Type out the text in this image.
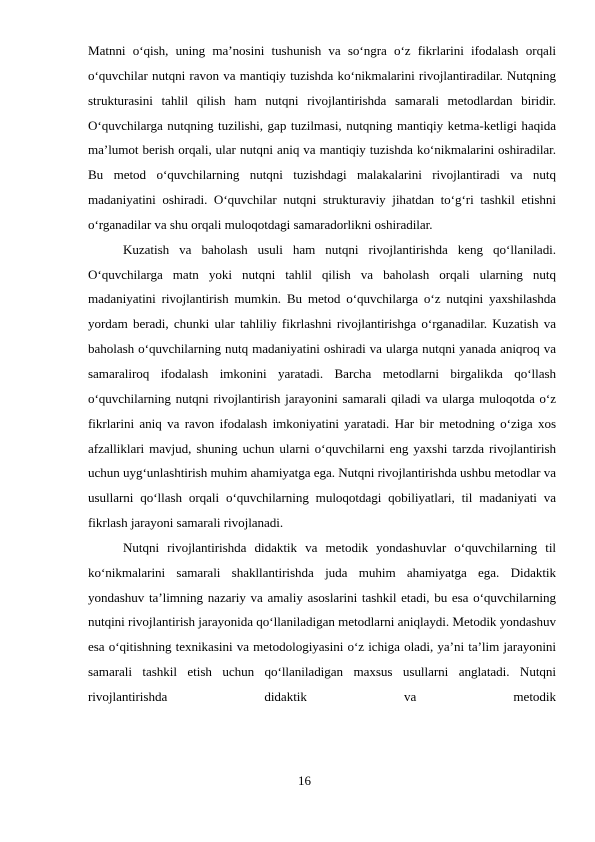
Matnni o‘qish, uning ma’nosini tushunish va so‘ngra o‘z fikrlarini ifodalash orqali o‘quvchilar nutqni ravon va mantiqiy tuzishda ko‘nikmalarini rivojlantiradilar. Nutqning strukturasini tahlil qilish ham nutqni rivojlantirishda samarali metodlardan biridir. O‘quvchilarga nutqning tuzilishi, gap tuzilmasi, nutqning mantiqiy ketma-ketligi haqida ma’lumot berish orqali, ular nutqni aniq va mantiqiy tuzishda ko‘nikmalarini oshiradilar. Bu metod o‘quvchilarning nutqni tuzishdagi malakalarini rivojlantiradi va nutq madaniyatini oshiradi. O‘quvchilar nutqni strukturaviy jihatdan to‘g‘ri tashkil etishni o‘rganadilar va shu orqali muloqotdagi samaradorlikni oshiradilar.

Kuzatish va baholash usuli ham nutqni rivojlantirishda keng qo‘llaniladi. O‘quvchilarga matn yoki nutqni tahlil qilish va baholash orqali ularning nutq madaniyatini rivojlantirish mumkin. Bu metod o‘quvchilarga o‘z nutqini yaxshilashda yordam beradi, chunki ular tahliliy fikrlashni rivojlantirishga o‘rganadilar. Kuzatish va baholash o‘quvchilarning nutq madaniyatini oshiradi va ularga nutqni yanada aniqroq va samaraliroq ifodalash imkonini yaratadi. Barcha metodlarni birgalikda qo‘llash o‘quvchilarning nutqni rivojlantirish jarayonini samarali qiladi va ularga muloqotda o‘z fikrlarini aniq va ravon ifodalash imkoniyatini yaratadi. Har bir metodning o‘ziga xos afzalliklari mavjud, shuning uchun ularni o‘quvchilarni eng yaxshi tarzda rivojlantirish uchun uyg‘unlashtirish muhim ahamiyatga ega. Nutqni rivojlantirishda ushbu metodlar va usullarni qo‘llash orqali o‘quvchilarning muloqotdagi qobiliyatlari, til madaniyati va fikrlash jarayoni samarali rivojlanadi.

Nutqni rivojlantirishda didaktik va metodik yondashuvlar o‘quvchilarning til ko‘nikmalarini samarali shakllantirishda juda muhim ahamiyatga ega. Didaktik yondashuv ta’limning nazariy va amaliy asoslarini tashkil etadi, bu esa o‘quvchilarning nutqini rivojlantirish jarayonida qo‘llaniladigan metodlarni aniqlaydi. Metodik yondashuv esa o‘qitishning texnikasini va metodologiyasini o‘z ichiga oladi, ya’ni ta’lim jarayonini samarali tashkil etish uchun qo‘llaniladigan maxsus usullarni anglatadi. Nutqni rivojlantirishda didaktik va metodik

16
